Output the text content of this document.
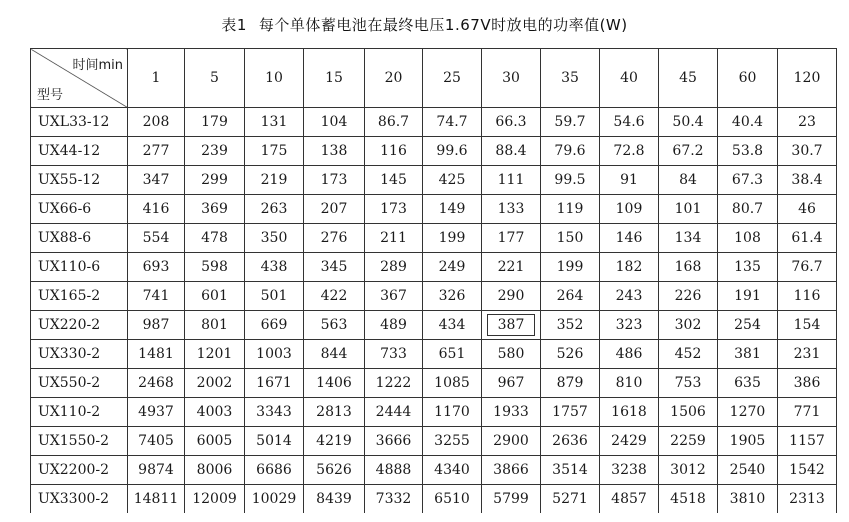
表1 每个单体蓄电池在最终电压1.67V时放电的功率值(W)
时间min
型号	1	5	10	15	20	25	30	35	40	45	60	120
UXL33-12	208	179	131	104	86.7	74.7	66.3	59.7	54.6	50.4	40.4	23
UX44-12	277	239	175	138	116	99.6	88.4	79.6	72.8	67.2	53.8	30.7
UX55-12	347	299	219	173	145	425	111	99.5	91	84	67.3	38.4
UX66-6	416	369	263	207	173	149	133	119	109	101	80.7	46
UX88-6	554	478	350	276	211	199	177	150	146	134	108	61.4
UX110-6	693	598	438	345	289	249	221	199	182	168	135	76.7
UX165-2	741	601	501	422	367	326	290	264	243	226	191	116
UX220-2	987	801	669	563	489	434	387	352	323	302	254	154
UX330-2	1481	1201	1003	844	733	651	580	526	486	452	381	231
UX550-2	2468	2002	1671	1406	1222	1085	967	879	810	753	635	386
UX110-2	4937	4003	3343	2813	2444	1170	1933	1757	1618	1506	1270	771
UX1550-2	7405	6005	5014	4219	3666	3255	2900	2636	2429	2259	1905	1157
UX2200-2	9874	8006	6686	5626	4888	4340	3866	3514	3238	3012	2540	1542
UX3300-2	14811	12009	10029	8439	7332	6510	5799	5271	4857	4518	3810	2313
